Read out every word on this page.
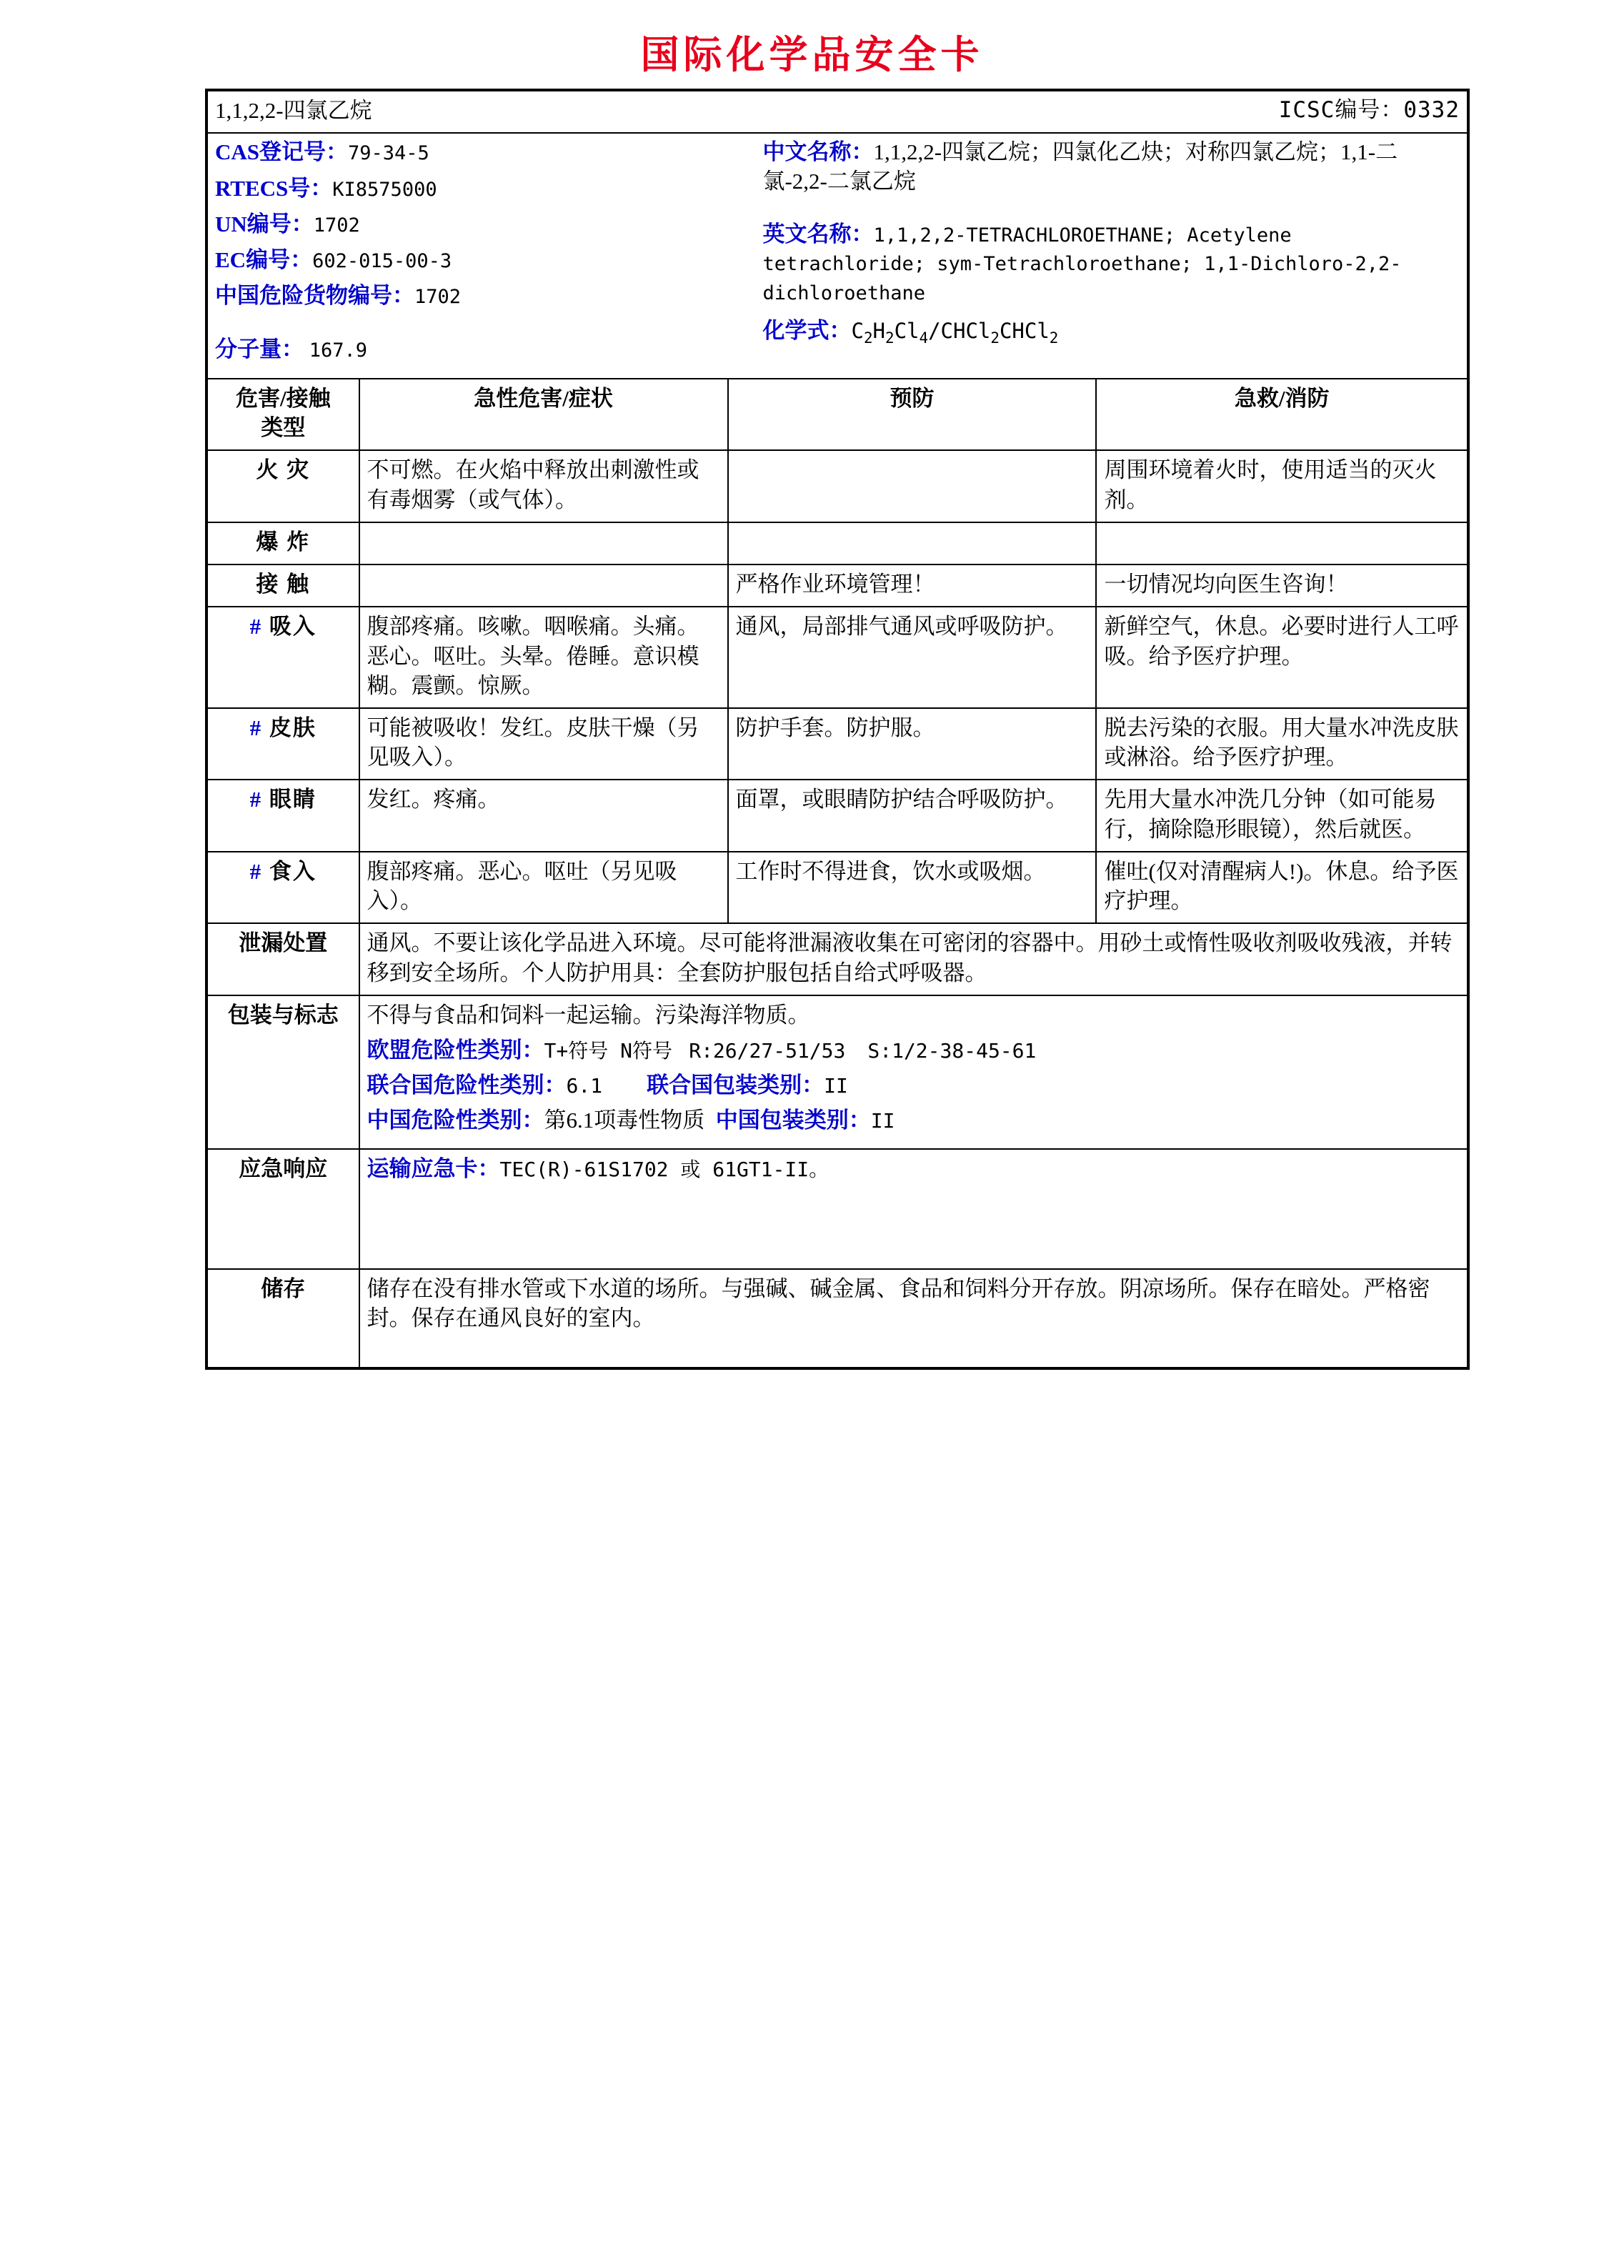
国际化学品安全卡
1,1,2,2-四氯乙烷		ICSC编号：0332	

CAS登记号：79-34-5
RTECS号：KI8575000
UN编号：1702
EC编号：602-015-00-3
中国危险货物编号：1702
分子量： 167.9
中文名称：1,1,2,2-四氯乙烷；四氯化乙炔；对称四氯乙烷；1,1-二氯-2,2-二氯乙烷
英文名称：1,1,2,2-TETRACHLOROETHANE; Acetylene tetrachloride; sym-Tetrachloroethane; 1,1-Dichloro-2,2-dichloroethane
化学式：$C_2H_2Cl_4/CHCl_2CHCl_2$

危害/接触
类型	急性危害/症状	预防	急救/消防
火 灾	不可燃。在火焰中释放出刺激性或有毒烟雾（或气体）。		周围环境着火时，使用适当的灭火剂。
爆 炸			
接 触		严格作业环境管理！	一切情况均向医生咨询！
# 吸入	腹部疼痛。咳嗽。咽喉痛。头痛。恶心。呕吐。头晕。倦睡。意识模糊。震颤。惊厥。	通风，局部排气通风或呼吸防护。	新鲜空气，休息。必要时进行人工呼吸。给予医疗护理。
# 皮肤	可能被吸收！发红。皮肤干燥（另见吸入）。	防护手套。防护服。	脱去污染的衣服。用大量水冲洗皮肤或淋浴。给予医疗护理。
# 眼睛	发红。疼痛。	面罩，或眼睛防护结合呼吸防护。	先用大量水冲洗几分钟（如可能易行，摘除隐形眼镜），然后就医。
# 食入	腹部疼痛。恶心。呕吐（另见吸入）。	工作时不得进食，饮水或吸烟。	催吐(仅对清醒病人!)。休息。给予医疗护理。
泄漏处置	通风。不要让该化学品进入环境。尽可能将泄漏液收集在可密闭的容器中。用砂土或惰性吸收剂吸收残液，并转移到安全场所。个人防护用具：全套防护服包括自给式呼吸器。		
包装与标志	不得与食品和饲料一起运输。污染海洋物质。
欧盟危险性类别：T+符号 N符号 R:26/27-51/53 S:1/2-38-45-61
联合国危险性类别：6.1 联合国包装类别：II
中国危险性类别：第6.1项毒性物质 中国包装类别：II		

应急响应	运输应急卡：TEC(R)-61S1702 或 61GT1-II。		

储存	储存在没有排水管或下水道的场所。与强碱、碱金属、食品和饲料分开存放。阴凉场所。保存在暗处。严格密封。保存在通风良好的室内。		
